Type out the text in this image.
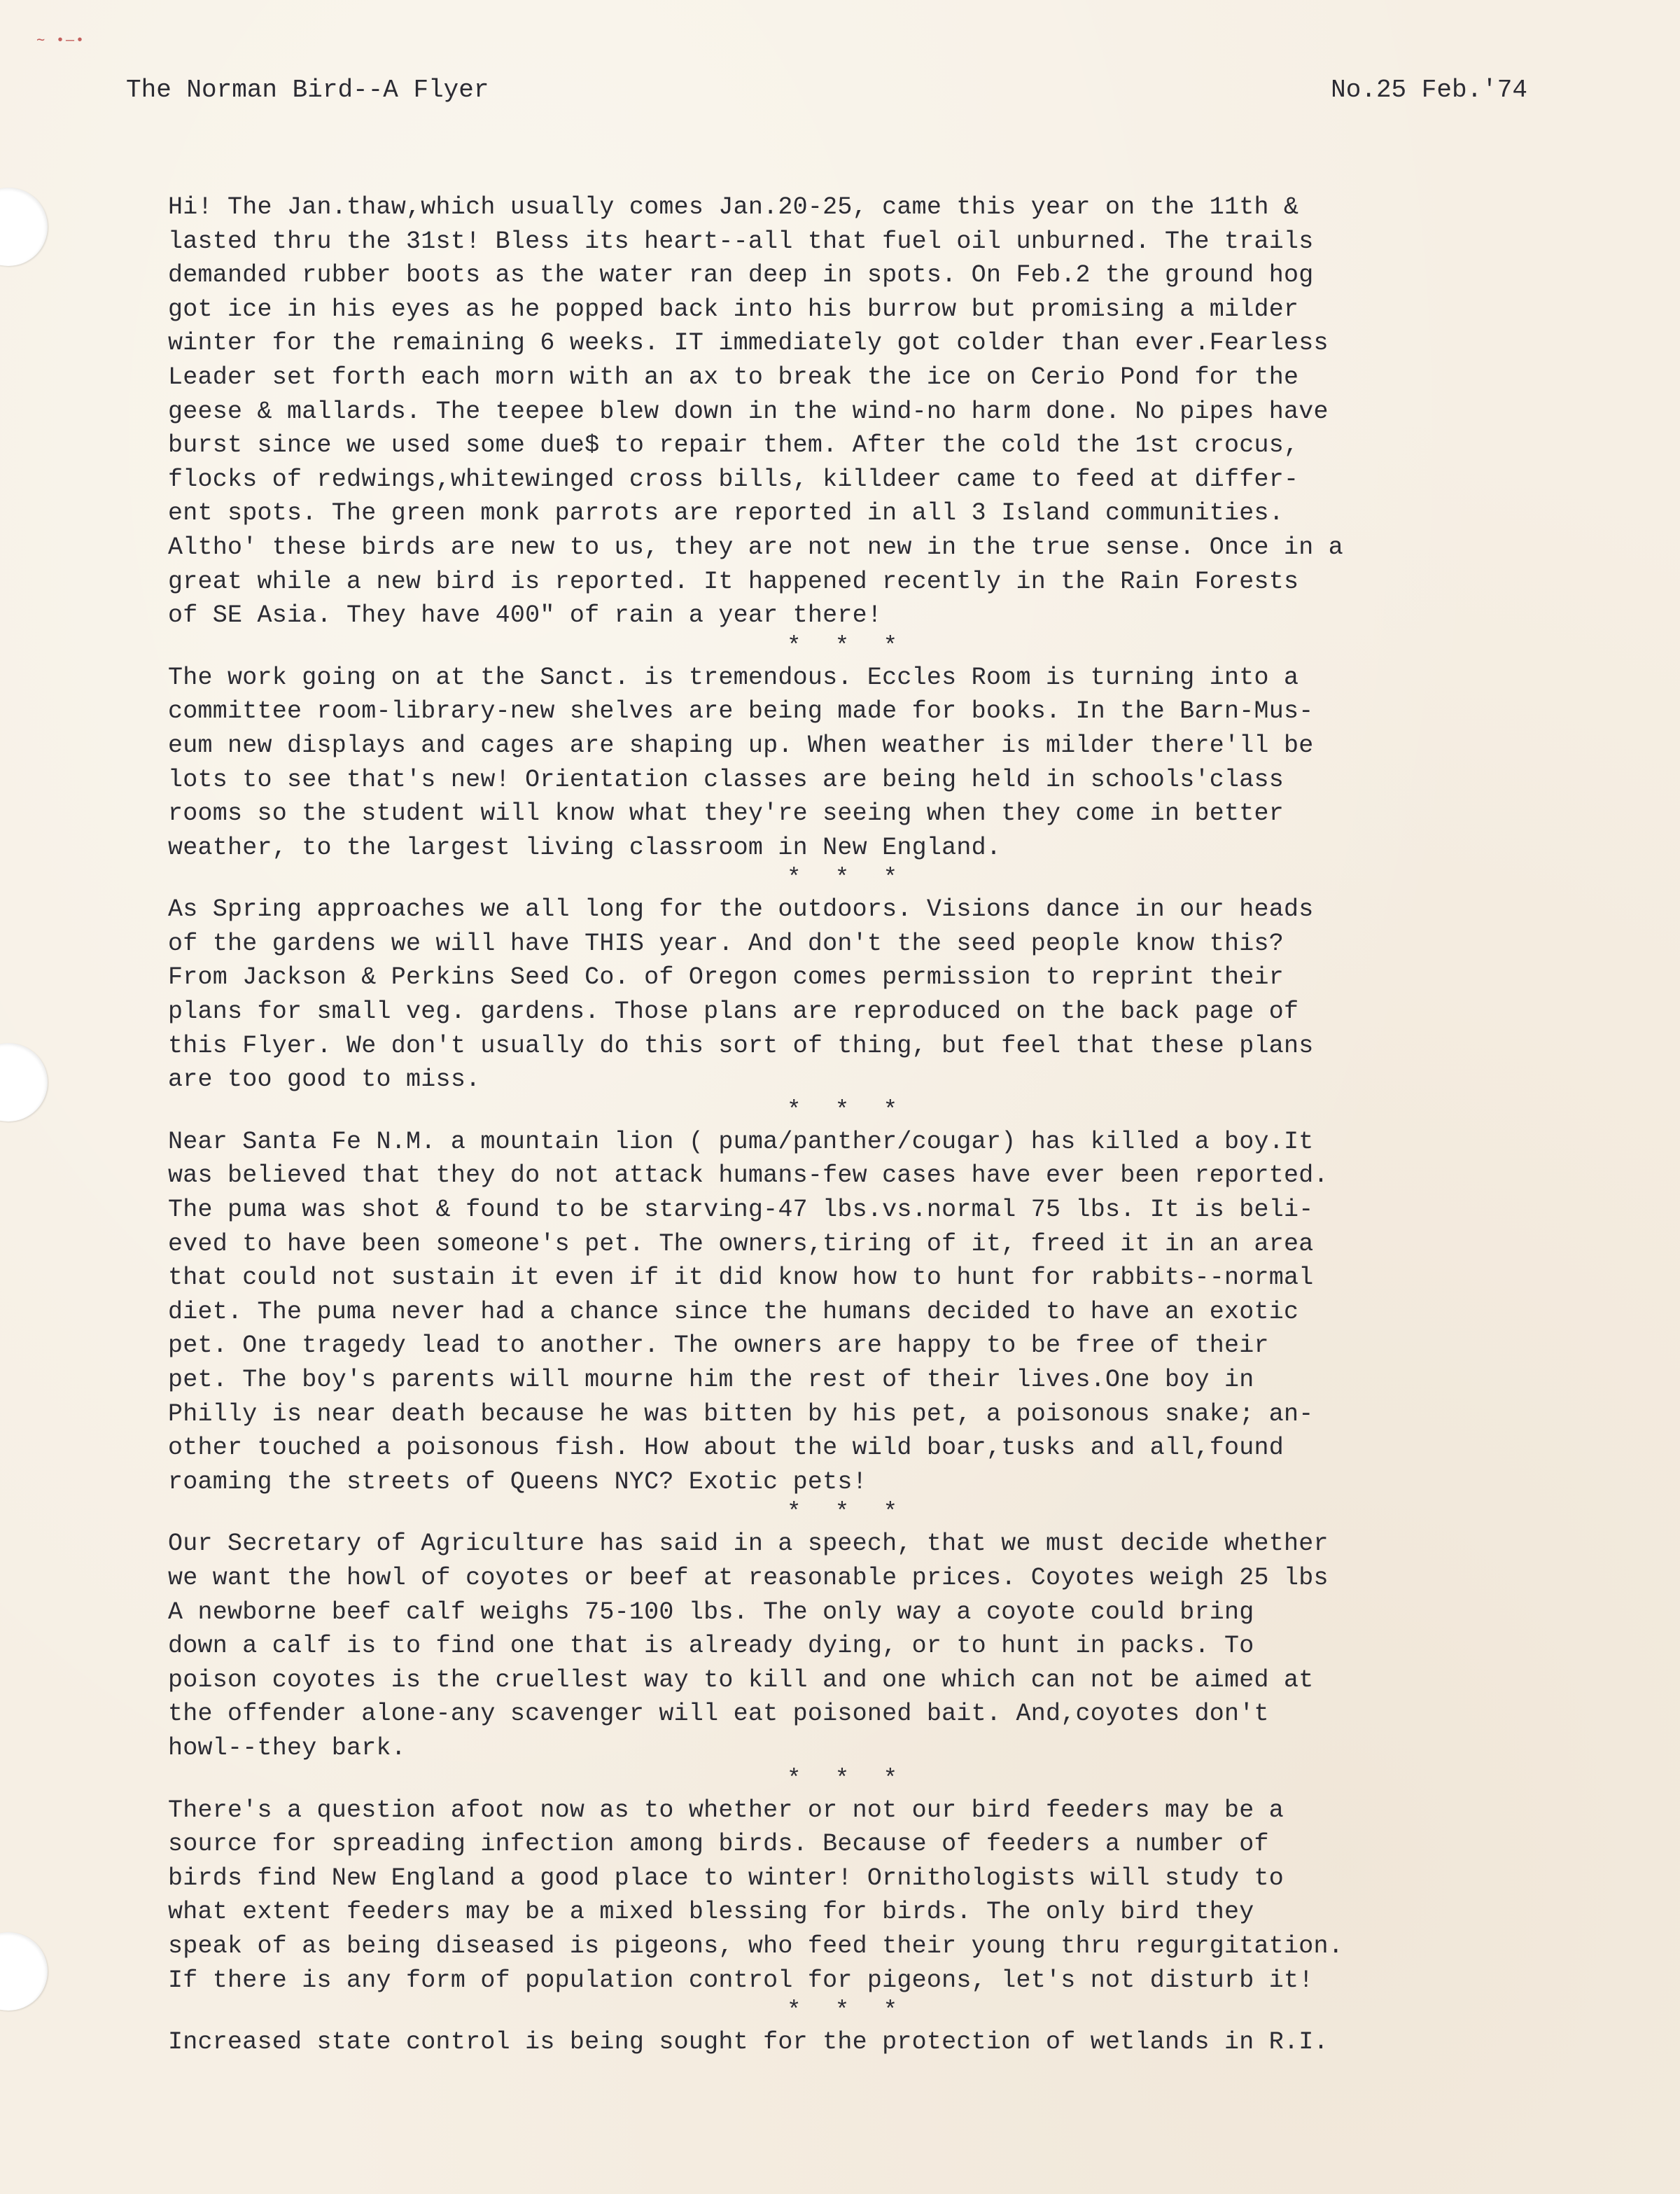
∼ •—•
The Norman Bird--A Flyer	No.25 Feb.'74

Hi! The Jan.thaw,which usually comes Jan.20-25, came this year on the 11th &
lasted thru the 31st! Bless its heart--all that fuel oil unburned. The trails
demanded rubber boots as the water ran deep in spots. On Feb.2 the ground hog
got ice in his eyes as he popped back into his burrow but promising a milder
winter for the remaining 6 weeks. IT immediately got colder than ever.Fearless
Leader set forth each morn with an ax to break the ice on Cerio Pond for the
geese & mallards. The teepee blew down in the wind-no harm done. No pipes have
burst since we used some due$ to repair them. After the cold the 1st crocus,
flocks of redwings,whitewinged cross bills, killdeer came to feed at differ-
ent spots. The green monk parrots are reported in all 3 Island communities.
Altho' these birds are new to us, they are not new in the true sense. Once in a
great while a new bird is reported. It happened recently in the Rain Forests
of SE Asia. They have 400" of rain a year there!

* * *

The work going on at the Sanct. is tremendous. Eccles Room is turning into a
committee room-library-new shelves are being made for books. In the Barn-Mus-
eum new displays and cages are shaping up. When weather is milder there'll be
lots to see that's new! Orientation classes are being held in schools'class
rooms so the student will know what they're seeing when they come in better
weather, to the largest living classroom in New England.

* * *

As Spring approaches we all long for the outdoors. Visions dance in our heads
of the gardens we will have THIS year. And don't the seed people know this?
From Jackson & Perkins Seed Co. of Oregon comes permission to reprint their
plans for small veg. gardens. Those plans are reproduced on the back page of
this Flyer. We don't usually do this sort of thing, but feel that these plans
are too good to miss.

* * *

Near Santa Fe N.M. a mountain lion ( puma/panther/cougar) has killed a boy.It
was believed that they do not attack humans-few cases have ever been reported.
The puma was shot & found to be starving-47 lbs.vs.normal 75 lbs. It is beli-
eved to have been someone's pet. The owners,tiring of it, freed it in an area
that could not sustain it even if it did know how to hunt for rabbits--normal
diet. The puma never had a chance since the humans decided to have an exotic
pet. One tragedy lead to another. The owners are happy to be free of their
pet. The boy's parents will mourne him the rest of their lives.One boy in
Philly is near death because he was bitten by his pet, a poisonous snake; an-
other touched a poisonous fish. How about the wild boar,tusks and all,found
roaming the streets of Queens NYC? Exotic pets!

* * *

Our Secretary of Agriculture has said in a speech, that we must decide whether
we want the howl of coyotes or beef at reasonable prices. Coyotes weigh 25 lbs
A newborne beef calf weighs 75-100 lbs. The only way a coyote could bring
down a calf is to find one that is already dying, or to hunt in packs. To
poison coyotes is the cruellest way to kill and one which can not be aimed at
the offender alone-any scavenger will eat poisoned bait. And,coyotes don't
howl--they bark.

* * *

There's a question afoot now as to whether or not our bird feeders may be a
source for spreading infection among birds. Because of feeders a number of
birds find New England a good place to winter! Ornithologists will study to
what extent feeders may be a mixed blessing for birds. The only bird they
speak of as being diseased is pigeons, who feed their young thru regurgitation.
If there is any form of population control for pigeons, let's not disturb it!

* * *

Increased state control is being sought for the protection of wetlands in R.I.
